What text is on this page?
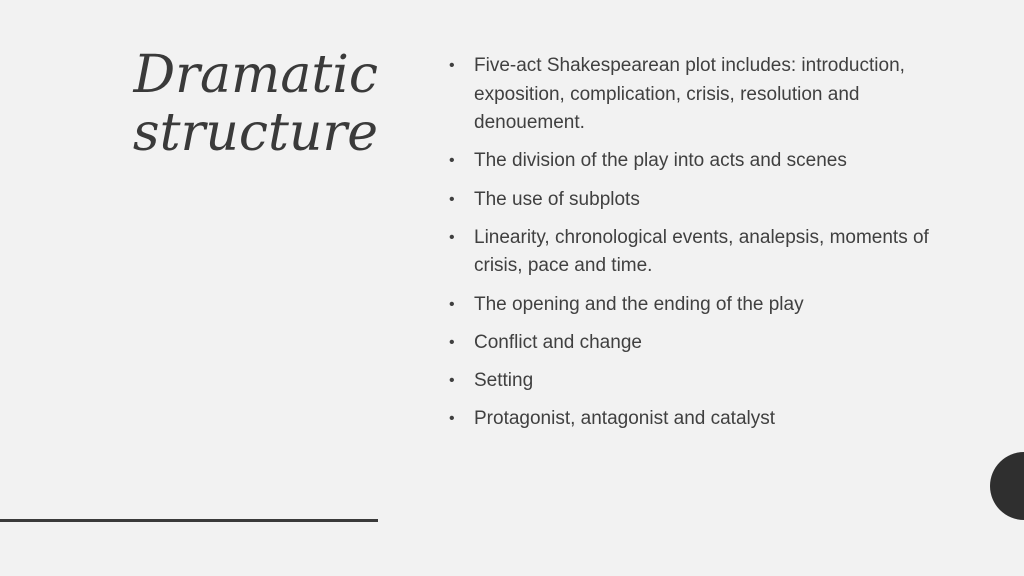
Dramatic
structure
• Five-act Shakespearean plot includes: introduction, exposition, complication, crisis, resolution and denouement.
• The division of the play into acts and scenes
• The use of subplots
• Linearity, chronological events, analepsis, moments of crisis, pace and time.
• The opening and the ending of the play
• Conflict and change
• Setting
• Protagonist, antagonist and catalyst
